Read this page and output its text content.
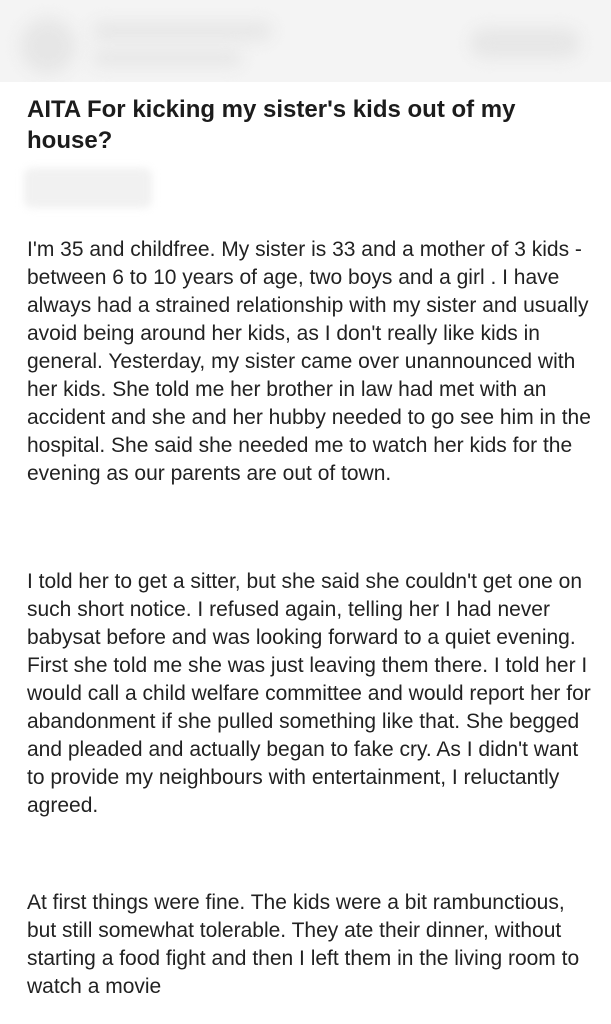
AITA For kicking my sister's kids out of my house?

I'm 35 and childfree. My sister is 33 and a mother of 3 kids - between 6 to 10 years of age, two boys and a girl . I have always had a strained relationship with my sister and usually avoid being around her kids, as I don't really like kids in general. Yesterday, my sister came over unannounced with her kids. She told me her brother in law had met with an accident and she and her hubby needed to go see him in the hospital. She said she needed me to watch her kids for the evening as our parents are out of town.

I told her to get a sitter, but she said she couldn't get one on such short notice. I refused again, telling her I had never babysat before and was looking forward to a quiet evening. First she told me she was just leaving them there. I told her I would call a child welfare committee and would report her for abandonment if she pulled something like that. She begged and pleaded and actually began to fake cry. As I didn't want to provide my neighbours with entertainment, I reluctantly agreed.

At first things were fine. The kids were a bit rambunctious, but still somewhat tolerable. They ate their dinner, without starting a food fight and then I left them in the living room to watch a movie
